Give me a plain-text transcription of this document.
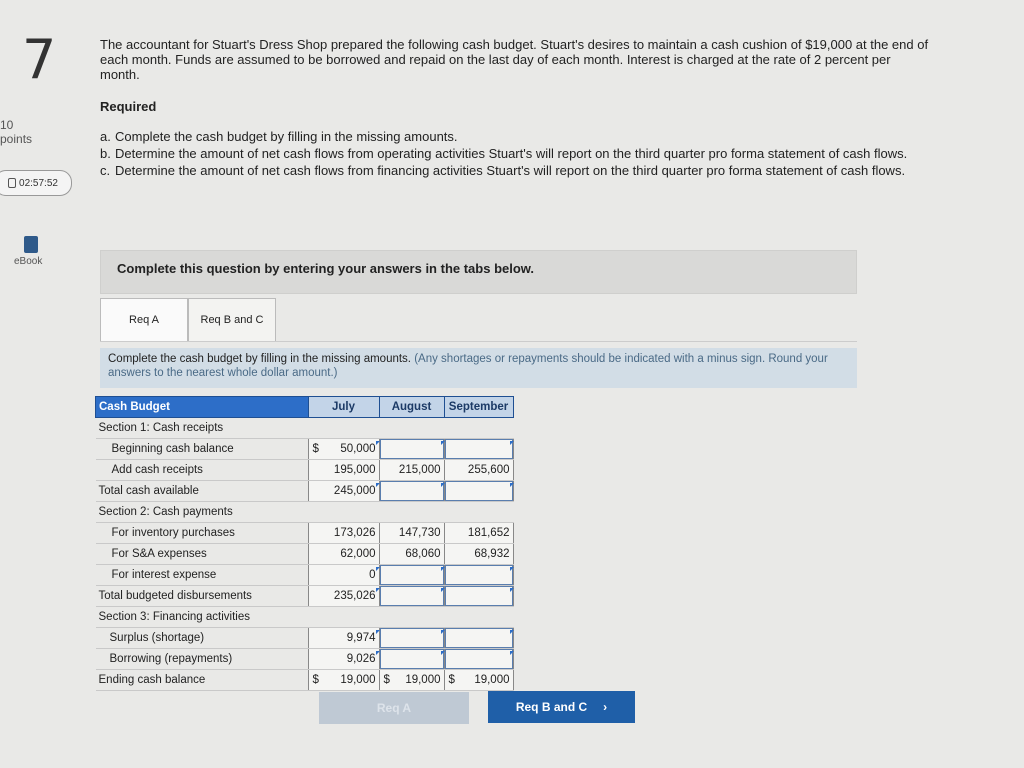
7
10
points
02:57:52
eBook
The accountant for Stuart's Dress Shop prepared the following cash budget. Stuart's desires to maintain a cash cushion of $19,000 at the end of each month. Funds are assumed to be borrowed and repaid on the last day of each month. Interest is charged at the rate of 2 percent per month.
Required
a. Complete the cash budget by filling in the missing amounts.
b. Determine the amount of net cash flows from operating activities Stuart's will report on the third quarter pro forma statement of cash flows.
c. Determine the amount of net cash flows from financing activities Stuart's will report on the third quarter pro forma statement of cash flows.
Complete this question by entering your answers in the tabs below.
Req A	Req B and C
Complete the cash budget by filling in the missing amounts. (Any shortages or repayments should be indicated with a minus sign. Round your answers to the nearest whole dollar amount.)
Cash Budget	July	August	September
Section 1: Cash receipts			
Beginning cash balance	$ 50,000

Add cash receipts	195,000	215,000	255,600
Total cash available	245,000

Section 2: Cash payments			
For inventory purchases	173,026	147,730	181,652
For S&A expenses	62,000	68,060	68,932
For interest expense	0

Total budgeted disbursements	235,026

Section 3: Financing activities			
Surplus (shortage)	9,974

Borrowing (repayments)	9,026

Ending cash balance	$ 19,000	$ 19,000	$ 19,000
Req A	Req B and C ›
